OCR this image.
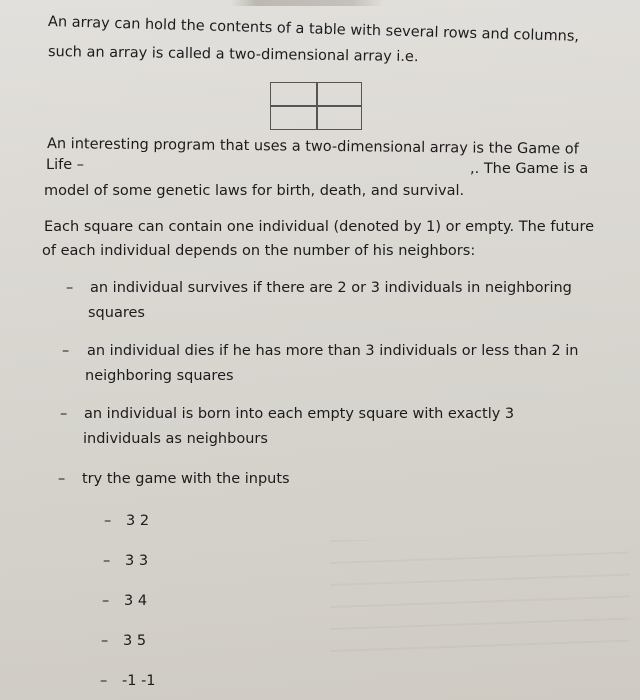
An array can hold the contents of a table with several rows and columns,
such an array is called a two-dimensional array i.e.
An interesting program that uses a two-dimensional array is the Game of
Life –	,. The Game is a
model of some genetic laws for birth, death, and survival.
Each square can contain one individual (denoted by 1) or empty. The future
of each individual depends on the number of his neighbors:
– an individual survives if there are 2 or 3 individuals in neighboring
squares
– an individual dies if he has more than 3 individuals or less than 2 in
neighboring squares
– an individual is born into each empty square with exactly 3
individuals as neighbours
– try the game with the inputs
– 3 2
– 3 3
– 3 4
– 3 5
– -1 -1
